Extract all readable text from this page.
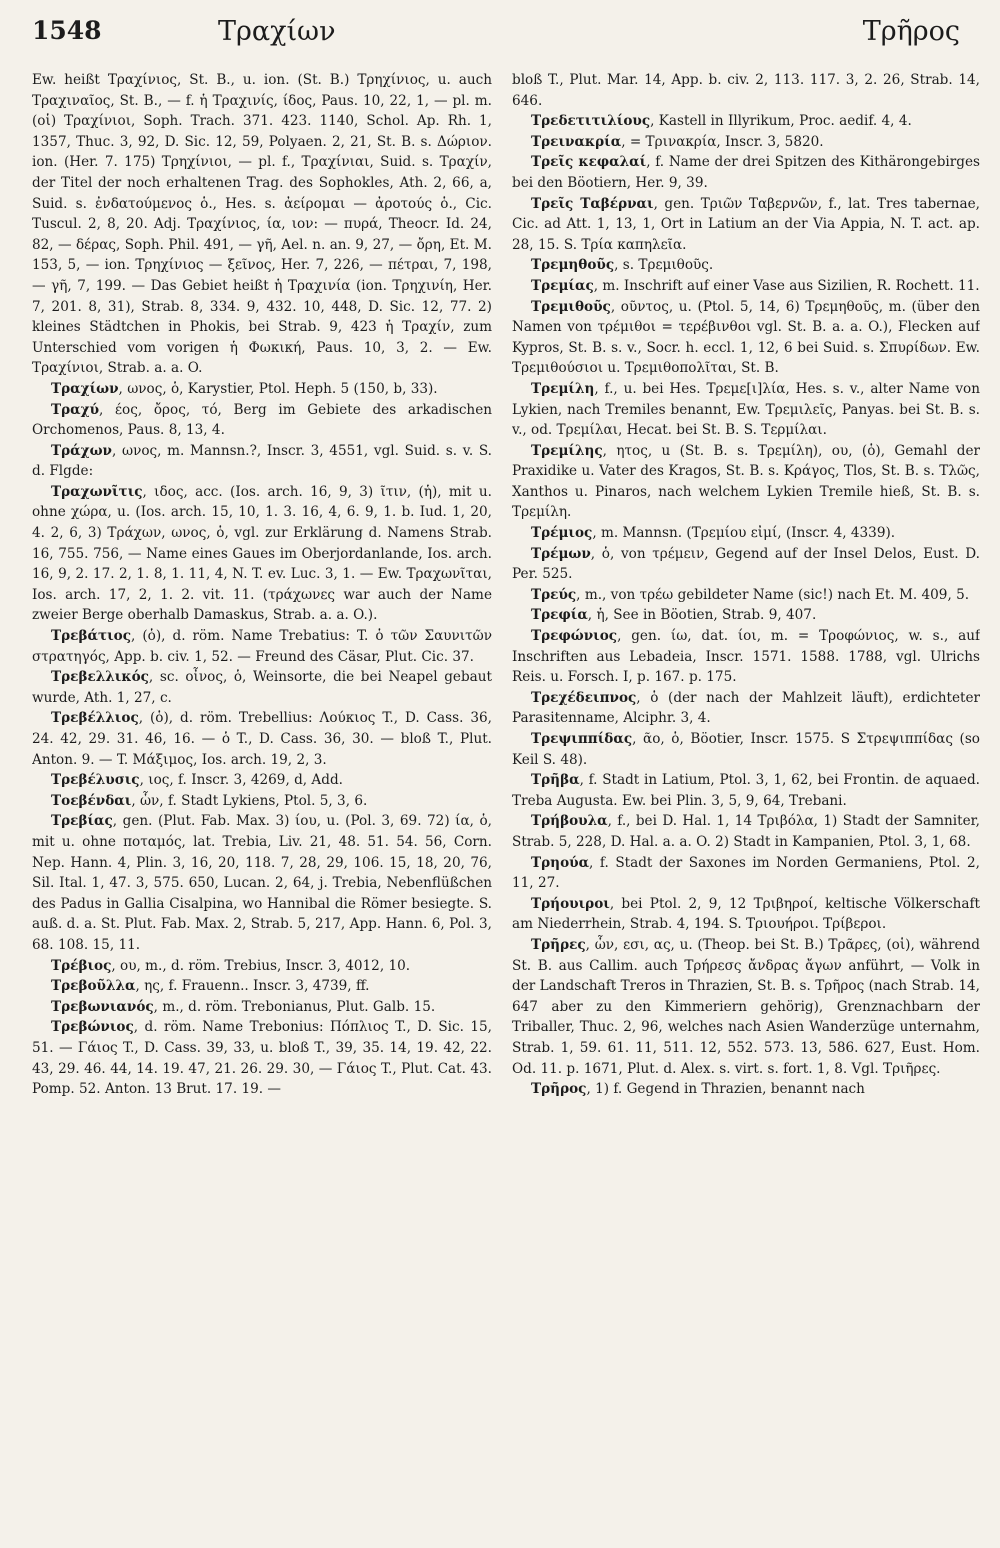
1548	Τραχίων	Τρῆρος

Ew. heißt Τραχίνιος, St. B., u. ion. (St. B.) Τρηχίνιος, u. auch Τραχιναῖος, St. B., — f. ἡ Τραχινίς, ίδος, Paus. 10, 22, 1, — pl. m. (οἱ) Τραχίνιοι, Soph. Trach. 371. 423. 1140, Schol. Ap. Rh. 1, 1357, Thuc. 3, 92, D. Sic. 12, 59, Polyaen. 2, 21, St. B. s. Δώριον. ion. (Her. 7. 175) Τρηχίνιοι, — pl. f., Τραχίνιαι, Suid. s. Τραχίν, der Titel der noch erhaltenen Trag. des Sophokles, Ath. 2, 66, a, Suid. s. ἐνδατούμενος ὁ., Hes. s. ἀείρομαι — ἀροτούς ὁ., Cic. Tuscul. 2, 8, 20. Adj. Τραχίνιος, ία, ιον: — πυρά, Theocr. Id. 24, 82, — δέρας, Soph. Phil. 491, — γῆ, Ael. n. an. 9, 27, — ὄρη, Et. M. 153, 5, — ion. Τρηχίνιος — ξεῖνος, Her. 7, 226, — πέτραι, 7, 198, — γῆ, 7, 199. — Das Gebiet heißt ἡ Τραχινία (ion. Τρηχινίη, Her. 7, 201. 8, 31), Strab. 8, 334. 9, 432. 10, 448, D. Sic. 12, 77. 2) kleines Städtchen in Phokis, bei Strab. 9, 423 ἡ Τραχίν, zum Unterschied vom vorigen ἡ Φωκική, Paus. 10, 3, 2. — Ew. Τραχίνιοι, Strab. a. a. O.

Τραχίων, ωνος, ὁ, Karystier, Ptol. Heph. 5 (150, b, 33).

Τραχύ, έος, ὄρος, τό, Berg im Gebiete des arkadischen Orchomenos, Paus. 8, 13, 4.

Τράχων, ωνος, m. Mannsn.?, Inscr. 3, 4551, vgl. Suid. s. v. S. d. Flgde:

Τραχωνῖτις, ιδος, acc. (Ios. arch. 16, 9, 3) ῖτιν, (ἡ), mit u. ohne χώρα, u. (Ios. arch. 15, 10, 1. 3. 16, 4, 6. 9, 1. b. Iud. 1, 20, 4. 2, 6, 3) Τράχων, ωνος, ὁ, vgl. zur Erklärung d. Namens Strab. 16, 755. 756, — Name eines Gaues im Oberjordanlande, Ios. arch. 16, 9, 2. 17. 2, 1. 8, 1. 11, 4, N. T. ev. Luc. 3, 1. — Ew. Τραχωνῖται, Ios. arch. 17, 2, 1. 2. vit. 11. (τράχωνες war auch der Name zweier Berge oberhalb Damaskus, Strab. a. a. O.).

Τρεβάτιος, (ὁ), d. röm. Name Trebatius: T. ὁ τῶν Σαυνιτῶν στρατηγός, App. b. civ. 1, 52. — Freund des Cäsar, Plut. Cic. 37.

Τρεβελλικός, sc. οἶνος, ὁ, Weinsorte, die bei Neapel gebaut wurde, Ath. 1, 27, c.

Τρεβέλλιος, (ὁ), d. röm. Trebellius: Λούκιος T., D. Cass. 36, 24. 42, 29. 31. 46, 16. — ὁ T., D. Cass. 36, 30. — bloß T., Plut. Anton. 9. — T. Μάξιμος, Ios. arch. 19, 2, 3.

Τρεβέλυσις, ιος, f. Inscr. 3, 4269, d, Add.

Τοεβένδαι, ὧν, f. Stadt Lykiens, Ptol. 5, 3, 6.

Τρεβίας, gen. (Plut. Fab. Max. 3) ίου, u. (Pol. 3, 69. 72) ία, ὁ, mit u. ohne ποταμός, lat. Trebia, Liv. 21, 48. 51. 54. 56, Corn. Nep. Hann. 4, Plin. 3, 16, 20, 118. 7, 28, 29, 106. 15, 18, 20, 76, Sil. Ital. 1, 47. 3, 575. 650, Lucan. 2, 64, j. Trebia, Nebenflüßchen des Padus in Gallia Cisalpina, wo Hannibal die Römer besiegte. S. auß. d. a. St. Plut. Fab. Max. 2, Strab. 5, 217, App. Hann. 6, Pol. 3, 68. 108. 15, 11.

Τρέβιος, ου, m., d. röm. Trebius, Inscr. 3, 4012, 10.

Τρεβοῦλλα, ης, f. Frauenn.. Inscr. 3, 4739, ff.

Τρεβωνιανός, m., d. röm. Trebonianus, Plut. Galb. 15.

Τρεβώνιος, d. röm. Name Trebonius: Πόπλιος T., D. Sic. 15, 51. — Γάιος T., D. Cass. 39, 33, u. bloß T., 39, 35. 14, 19. 42, 22. 43, 29. 46. 44, 14. 19. 47, 21. 26. 29. 30, — Γάιος T., Plut. Cat. 43. Pomp. 52. Anton. 13 Brut. 17. 19. —

bloß T., Plut. Mar. 14, App. b. civ. 2, 113. 117. 3, 2. 26, Strab. 14, 646.

Τρεδετιτιλίους, Kastell in Illyrikum, Proc. aedif. 4, 4.

Τρεινακρία, = Τρινακρία, Inscr. 3, 5820.

Τρεῖς κεφαλαί, f. Name der drei Spitzen des Kithärongebirges bei den Böotiern, Her. 9, 39.

Τρεῖς Ταβέρναι, gen. Τριῶν Ταβερνῶν, f., lat. Tres tabernae, Cic. ad Att. 1, 13, 1, Ort in Latium an der Via Appia, N. T. act. ap. 28, 15. S. Τρία καπηλεῖα.

Τρεμηθοῦς, s. Τρεμιθοῦς.

Τρεμίας, m. Inschrift auf einer Vase aus Sizilien, R. Rochett. 11.

Τρεμιθοῦς, οῦντος, u. (Ptol. 5, 14, 6) Τρεμηθοῦς, m. (über den Namen von τρέμιθοι = τερέβινθοι vgl. St. B. a. a. O.), Flecken auf Kypros, St. B. s. v., Socr. h. eccl. 1, 12, 6 bei Suid. s. Σπυρίδων. Ew. Τρεμιθούσιοι u. Τρεμιθοπολῖται, St. B.

Τρεμίλη, f., u. bei Hes. Τρεμε[ι]λία, Hes. s. v., alter Name von Lykien, nach Tremiles benannt, Ew. Τρεμιλεῖς, Panyas. bei St. B. s. v., od. Τρεμίλαι, Hecat. bei St. B. S. Τερμίλαι.

Τρεμίλης, ητος, u (St. B. s. Τρεμίλη), ου, (ὁ), Gemahl der Praxidike u. Vater des Kragos, St. B. s. Κράγος, Tlos, St. B. s. Τλῶς, Xanthos u. Pinaros, nach welchem Lykien Tremile hieß, St. B. s. Τρεμίλη.

Τρέμιος, m. Mannsn. (Τρεμίου εἰμί, (Inscr. 4, 4339).

Τρέμων, ὁ, von τρέμειν, Gegend auf der Insel Delos, Eust. D. Per. 525.

Τρεύς, m., von τρέω gebildeter Name (sic!) nach Et. M. 409, 5.

Τρεφία, ἡ, See in Böotien, Strab. 9, 407.

Τρεφώνιος, gen. ίω, dat. ίοι, m. = Τροφώνιος, w. s., auf Inschriften aus Lebadeia, Inscr. 1571. 1588. 1788, vgl. Ulrichs Reis. u. Forsch. I, p. 167. p. 175.

Τρεχέδειπνος, ὁ (der nach der Mahlzeit läuft), erdichteter Parasitenname, Alciphr. 3, 4.

Τρεψιππίδας, ᾶο, ὁ, Böotier, Inscr. 1575. S Στρεψιππίδας (so Keil S. 48).

Τρῆβα, f. Stadt in Latium, Ptol. 3, 1, 62, bei Frontin. de aquaed. Treba Augusta. Ew. bei Plin. 3, 5, 9, 64, Trebani.

Τρήβουλα, f., bei D. Hal. 1, 14 Τριβόλα, 1) Stadt der Samniter, Strab. 5, 228, D. Hal. a. a. O. 2) Stadt in Kampanien, Ptol. 3, 1, 68.

Τρηούα, f. Stadt der Saxones im Norden Germaniens, Ptol. 2, 11, 27.

Τρήουιροι, bei Ptol. 2, 9, 12 Τριβηροί, keltische Völkerschaft am Niederrhein, Strab. 4, 194. S. Τριουήροι. Τρίβεροι.

Τρῆρες, ὧν, εσι, ας, u. (Theop. bei St. B.) Τρᾶρες, (οἱ), während St. B. aus Callim. auch Τρήρεσς ἄνδρας ἄγων anführt, — Volk in der Landschaft Treros in Thrazien, St. B. s. Τρῆρος (nach Strab. 14, 647 aber zu den Kimmeriern gehörig), Grenznachbarn der Triballer, Thuc. 2, 96, welches nach Asien Wanderzüge unternahm, Strab. 1, 59. 61. 11, 511. 12, 552. 573. 13, 586. 627, Eust. Hom. Od. 11. p. 1671, Plut. d. Alex. s. virt. s. fort. 1, 8. Vgl. Τριῆρες.

Τρῆρος, 1) f. Gegend in Thrazien, benannt nach
